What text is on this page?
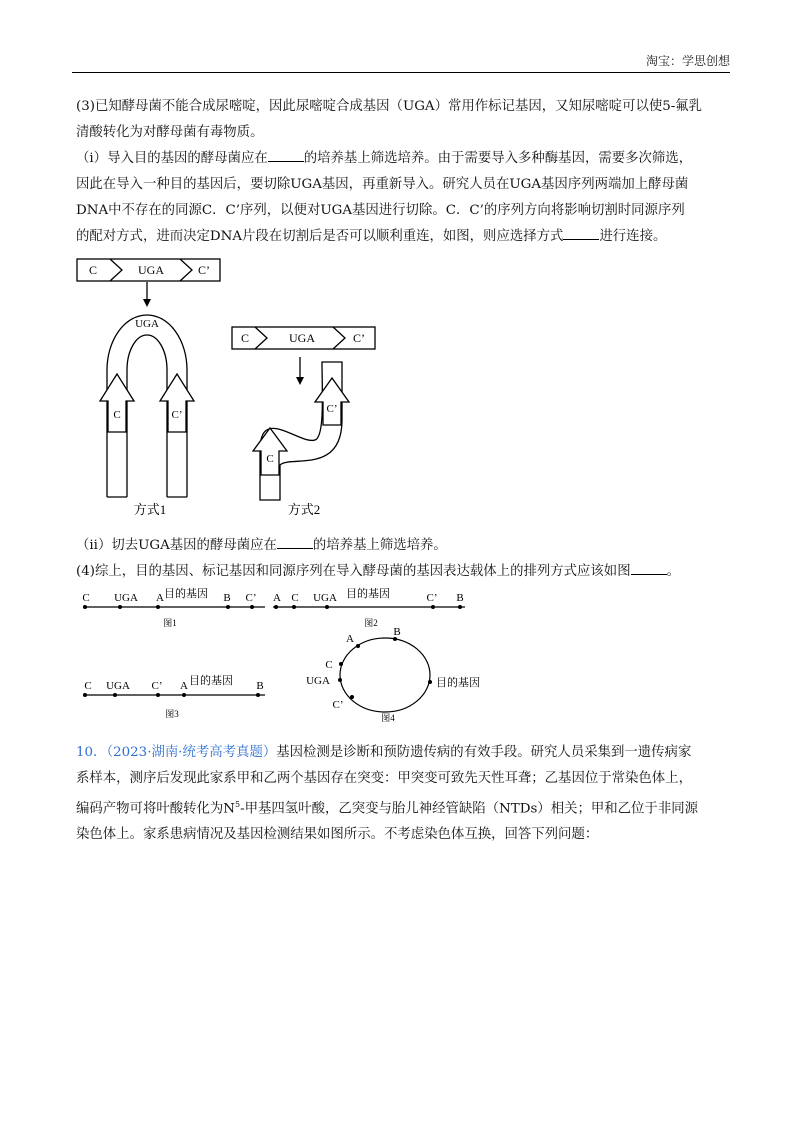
淘宝：学思创想

(3)已知酵母菌不能合成尿嘧啶，因此尿嘧啶合成基因（UGA）常用作标记基因，又知尿嘧啶可以使5-氟乳
清酸转化为对酵母菌有毒物质。

（i）导入目的基因的酵母菌应在	的培养基上筛选培养。由于需要导入多种酶基因，需要多次筛选，
因此在导入一种目的基因后，要切除UGA基因，再重新导入。研究人员在UGA基因序列两端加上酵母菌
DNA中不存在的同源C．C’序列，以便对UGA基因进行切除。C．C’的序列方向将影响切割时同源序列
的配对方式，进而决定DNA片段在切割后是否可以顺利重连，如图，则应选择方式	进行连接。

C	UGA	C’
UGA
C	C’
C	UGA	C’
C’
C
方式1	方式2

（ii）切去UGA基因的酵母菌应在	的培养基上筛选培养。

(4)综上，目的基因、标记基因和同源序列在导入酵母菌的基因表达载体上的排列方式应该如图	。

C UGA A 目的基因 B C’ A C UGA 目的基因	C’ B
C UGA C’ A 目的基因 B
A
B
C
UGA
C’
目的基因
图1	图2
图3	图4

10．（2023·湖南·统考高考真题）基因检测是诊断和预防遗传病的有效手段。研究人员采集到一遗传病家
系样本，测序后发现此家系甲和乙两个基因存在突变：甲突变可致先天性耳聋；乙基因位于常染色体上，
编码产物可将叶酸转化为$N^5-$甲基四氢叶酸，乙突变与胎儿神经管缺陷（NTDs）相关；甲和乙位于非同源
染色体上。家系患病情况及基因检测结果如图所示。不考虑染色体互换，回答下列问题：
